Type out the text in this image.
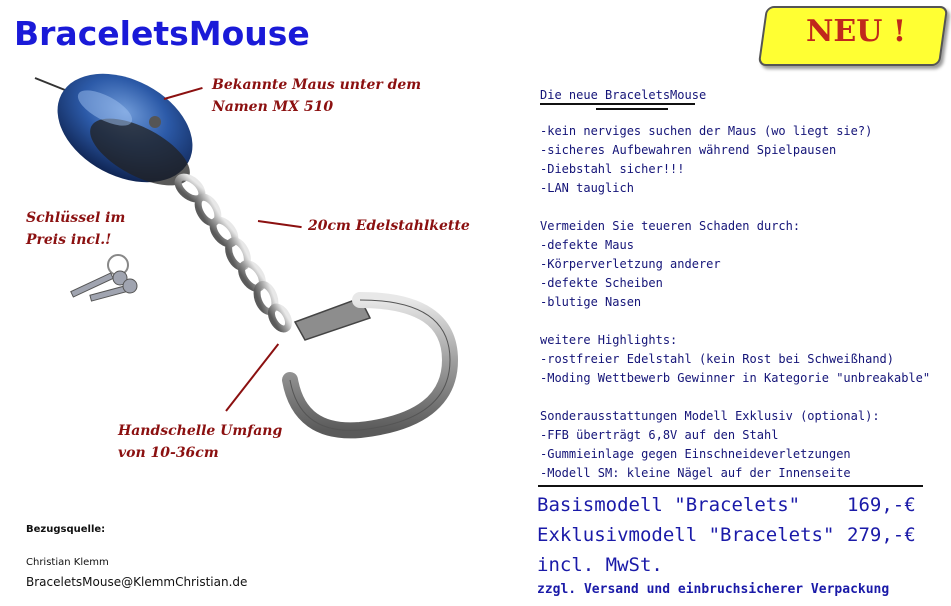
BraceletsMouse	NEU !
Bekannte Maus unter dem
Namen MX 510
20cm Edelstahlkette
Schlüssel im
Preis incl.!
Handschelle Umfang
von 10-36cm
Bezugsquelle:
Christian Klemm
BraceletsMouse@KlemmChristian.de
Die neue BraceletsMouse
-kein nerviges suchen der Maus (wo liegt sie?)
-sicheres Aufbewahren während Spielpausen
-Diebstahl sicher!!!
-LAN tauglich
Vermeiden Sie teueren Schaden durch:
-defekte Maus
-Körperverletzung anderer
-defekte Scheiben
-blutige Nasen
weitere Highlights:
-rostfreier Edelstahl (kein Rost bei Schweißhand)
-Moding Wettbewerb Gewinner in Kategorie "unbreakable"
Sonderausstattungen Modell Exklusiv (optional):
-FFB überträgt 6,8V auf den Stahl
-Gummieinlage gegen Einschneideverletzungen
-Modell SM: kleine Nägel auf der Innenseite
Basismodell "Bracelets" 169,-€
Exklusivmodell "Bracelets" 279,-€
incl. MwSt.
zzgl. Versand und einbruchsicherer Verpackung
